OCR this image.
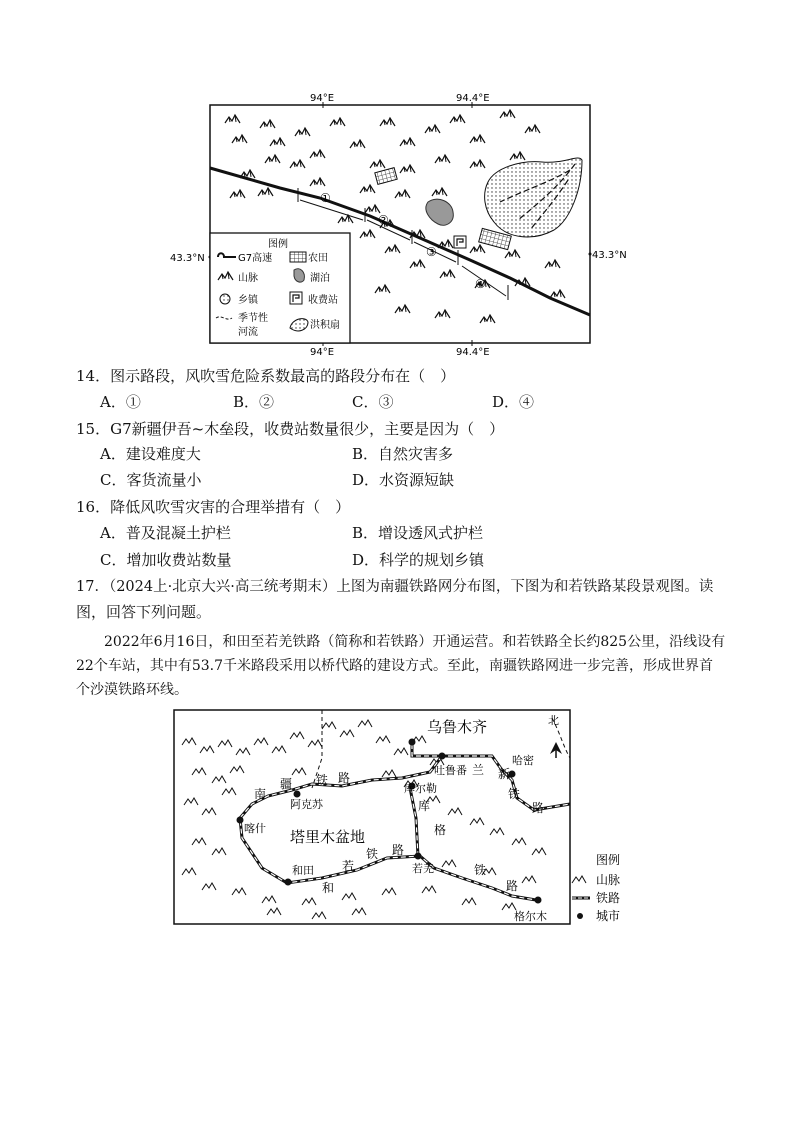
94°E	94.4°E
94°E	94.4°E
43.3°N	43.3°N
①
②
③
④
图例
G7高速	农田
山脉	湖泊
乡镇	收费站
季节性
河流
洪积扇
14．图示路段，风吹雪危险系数最高的路段分布在（　）
A．①	B．②	C．③	D．④
15．G7新疆伊吾~木垒段，收费站数量很少，主要是因为（　）
A．建设难度大	B．自然灾害多
C．客货流量小	D．水资源短缺
16．降低风吹雪灾害的合理举措有（　）
A．普及混凝土护栏	B．增设透风式护栏
C．增加收费站数量	D．科学的规划乡镇
17．（2024上·北京大兴·高三统考期末）上图为南疆铁路网分布图，下图为和若铁路某段景观图。读
图，回答下列问题。
2022年6月16日，和田至若羌铁路（简称和若铁路）开通运营。和若铁路全长约825公里，沿线设有22个车站，其中有53.7千米路段采用以桥代路的建设方式。至此，南疆铁路网进一步完善，形成世界首个沙漠铁路环线。
乌鲁木齐
哈密
吐鲁番
库尔勒
阿克苏
喀什
和田	若羌
格尔木
塔里木盆地
兰 新
铁
路
南
疆 铁 路
库
格
铁
路
和
若
铁 路
北
图例
山脉
铁路
城市
